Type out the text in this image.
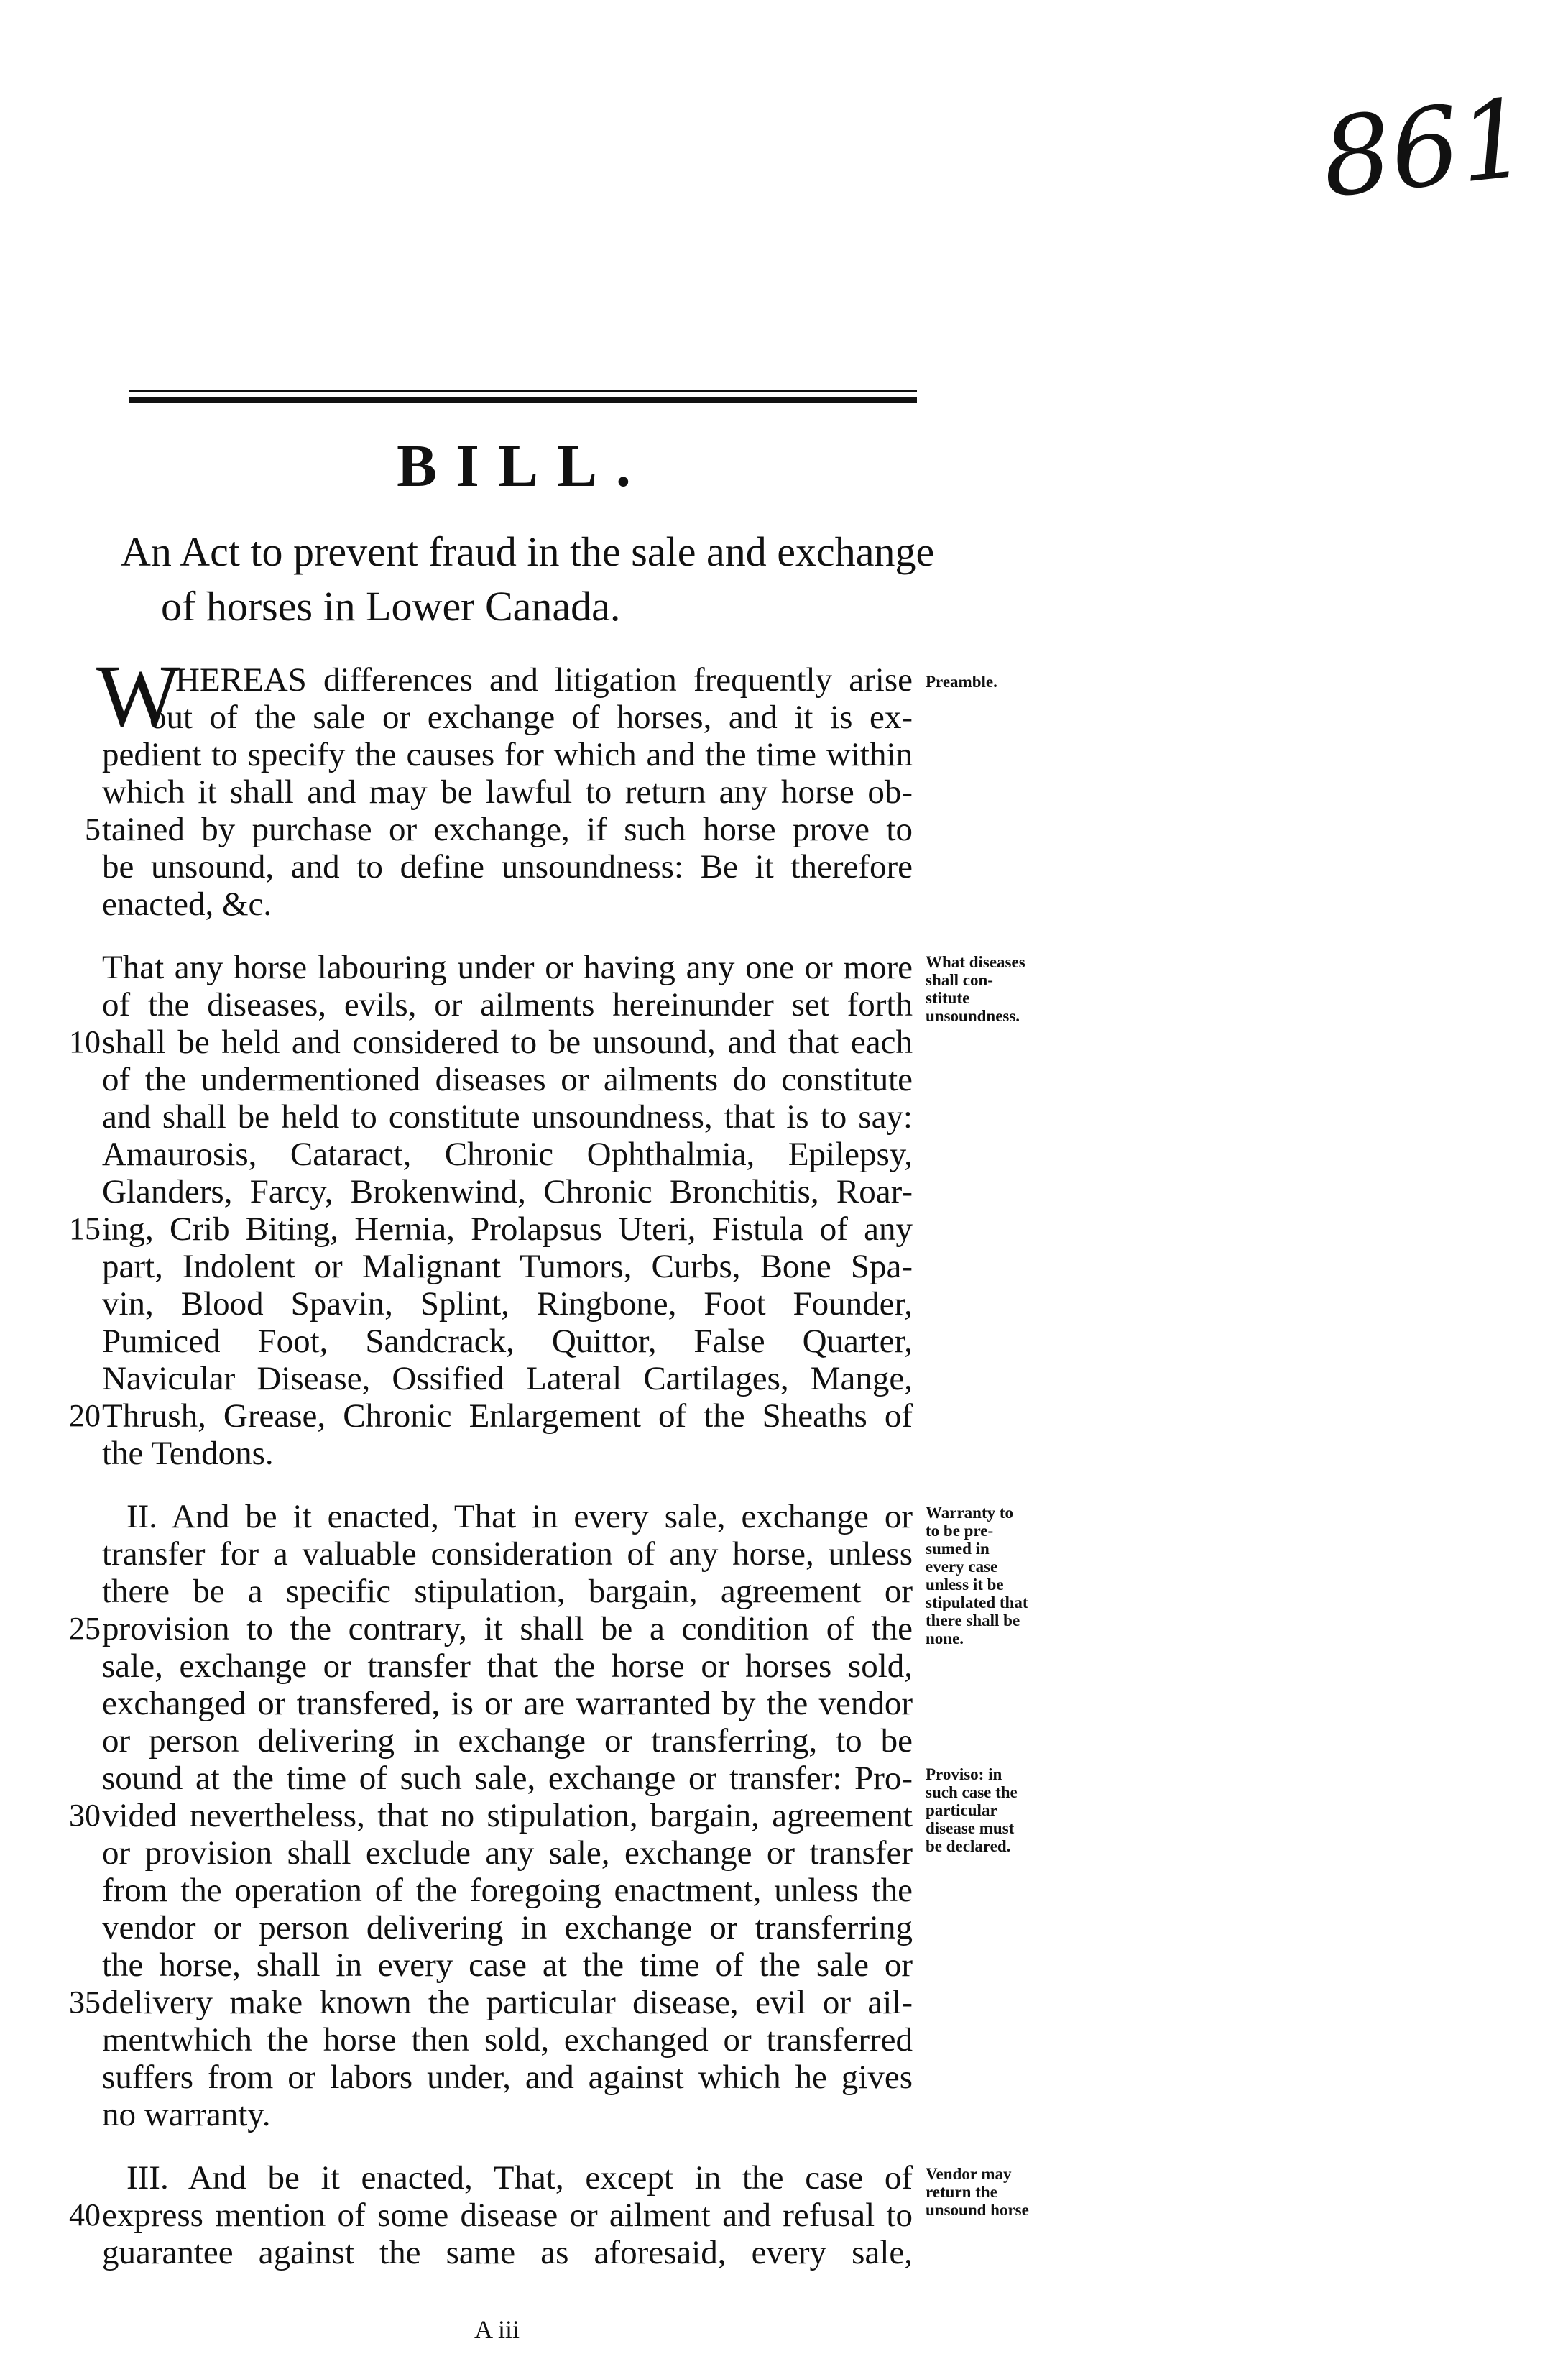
861
BILL.
An Act to prevent fraud in the sale and exchange
of horses in Lower Canada.
W
HEREAS differences and litigation frequently arise
out of the sale or exchange of horses, and it is ex-
pedient to specify the causes for which and the time within
which it shall and may be lawful to return any horse ob-
tained by purchase or exchange, if such horse prove to
be unsound, and to define unsoundness: Be it therefore
enacted, &c.
That any horse labouring under or having any one or more
of the diseases, evils, or ailments hereinunder set forth
shall be held and considered to be unsound, and that each
of the undermentioned diseases or ailments do constitute
and shall be held to constitute unsoundness, that is to say:
Amaurosis, Cataract, Chronic Ophthalmia, Epilepsy,
Glanders, Farcy, Brokenwind, Chronic Bronchitis, Roar-
ing, Crib Biting, Hernia, Prolapsus Uteri, Fistula of any
part, Indolent or Malignant Tumors, Curbs, Bone Spa-
vin, Blood Spavin, Splint, Ringbone, Foot Founder,
Pumiced Foot, Sandcrack, Quittor, False Quarter,
Navicular Disease, Ossified Lateral Cartilages, Mange,
Thrush, Grease, Chronic Enlargement of the Sheaths of
the Tendons.
II. And be it enacted, That in every sale, exchange or
transfer for a valuable consideration of any horse, unless
there be a specific stipulation, bargain, agreement or
provision to the contrary, it shall be a condition of the
sale, exchange or transfer that the horse or horses sold,
exchanged or transfered, is or are warranted by the vendor
or person delivering in exchange or transferring, to be
sound at the time of such sale, exchange or transfer: Pro-
vided nevertheless, that no stipulation, bargain, agreement
or provision shall exclude any sale, exchange or transfer
from the operation of the foregoing enactment, unless the
vendor or person delivering in exchange or transferring
the horse, shall in every case at the time of the sale or
delivery make known the particular disease, evil or ail-
mentwhich the horse then sold, exchanged or transferred
suffers from or labors under, and against which he gives
no warranty.
III. And be it enacted, That, except in the case of
express mention of some disease or ailment and refusal to
guarantee against the same as aforesaid, every sale,
5
10
15
20
25
30
35
40
Preamble.
What diseases
shall con-
stitute
unsoundness.
Warranty to
to be pre-
sumed in
every case
unless it be
stipulated that
there shall be
none.
Proviso: in
such case the
particular
disease must
be declared.
Vendor may
return the
unsound horse
A iii
